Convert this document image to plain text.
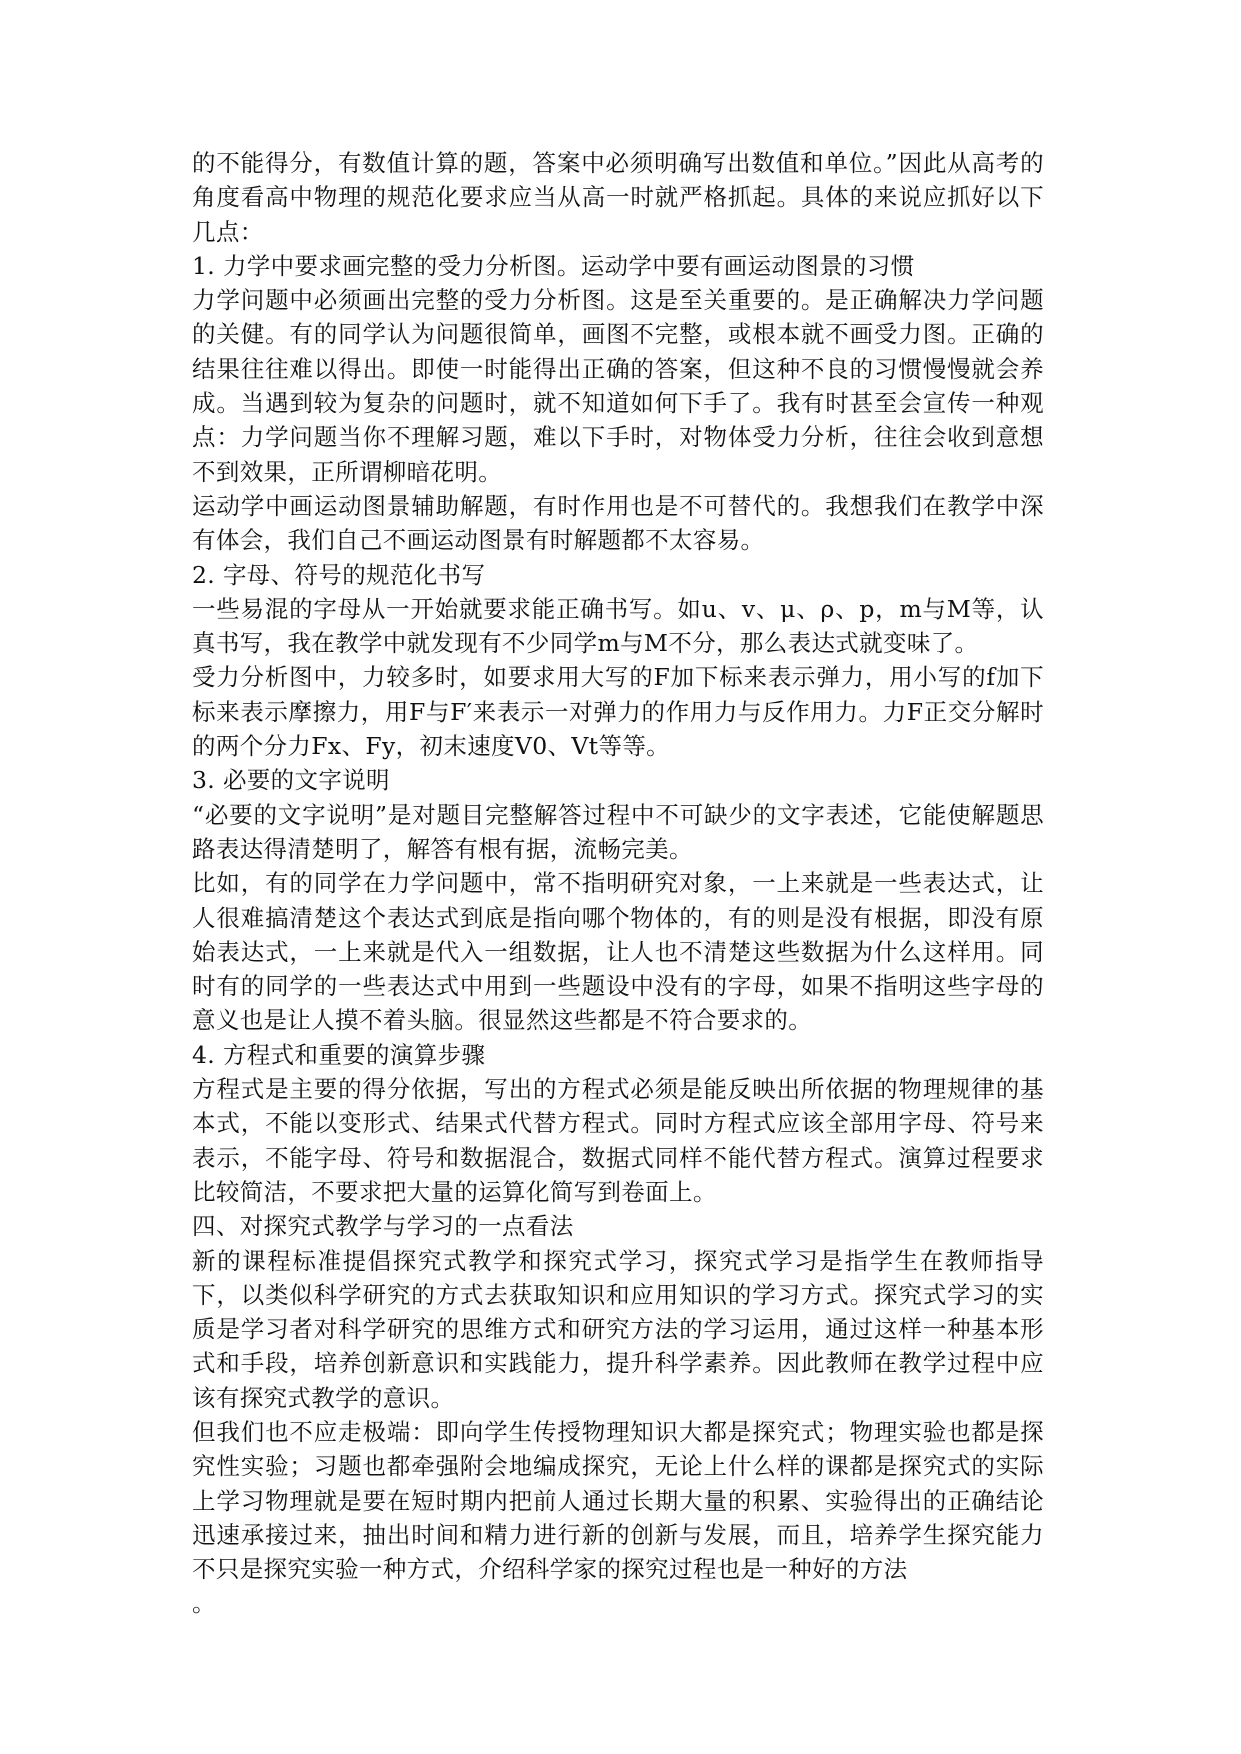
的不能得分，有数值计算的题，答案中必须明确写出数值和单位。”因此从高考的角度看高中物理的规范化要求应当从高一时就严格抓起。具体的来说应抓好以下几点：

1. 力学中要求画完整的受力分析图。运动学中要有画运动图景的习惯

力学问题中必须画出完整的受力分析图。这是至关重要的。是正确解决力学问题的关健。有的同学认为问题很简单，画图不完整，或根本就不画受力图。正确的结果往往难以得出。即使一时能得出正确的答案，但这种不良的习惯慢慢就会养成。当遇到较为复杂的问题时，就不知道如何下手了。我有时甚至会宣传一种观点：力学问题当你不理解习题，难以下手时，对物体受力分析，往往会收到意想不到效果，正所谓柳暗花明。

运动学中画运动图景辅助解题，有时作用也是不可替代的。我想我们在教学中深有体会，我们自己不画运动图景有时解题都不太容易。

2. 字母、符号的规范化书写

一些易混的字母从一开始就要求能正确书写。如u、v、μ、ρ、p，m与M等，认真书写，我在教学中就发现有不少同学m与M不分，那么表达式就变味了。

受力分析图中，力较多时，如要求用大写的F加下标来表示弹力，用小写的f加下标来表示摩擦力，用F与F′来表示一对弹力的作用力与反作用力。力F正交分解时的两个分力Fx、Fy，初末速度V0、Vt等等。

3. 必要的文字说明

“必要的文字说明”是对题目完整解答过程中不可缺少的文字表述，它能使解题思路表达得清楚明了，解答有根有据，流畅完美。

比如，有的同学在力学问题中，常不指明研究对象，一上来就是一些表达式，让人很难搞清楚这个表达式到底是指向哪个物体的，有的则是没有根据，即没有原始表达式，一上来就是代入一组数据，让人也不清楚这些数据为什么这样用。同时有的同学的一些表达式中用到一些题设中没有的字母，如果不指明这些字母的意义也是让人摸不着头脑。很显然这些都是不符合要求的。

4. 方程式和重要的演算步骤

方程式是主要的得分依据，写出的方程式必须是能反映出所依据的物理规律的基本式，不能以变形式、结果式代替方程式。同时方程式应该全部用字母、符号来表示，不能字母、符号和数据混合，数据式同样不能代替方程式。演算过程要求比较简洁，不要求把大量的运算化简写到卷面上。

四、对探究式教学与学习的一点看法

新的课程标准提倡探究式教学和探究式学习，探究式学习是指学生在教师指导下，以类似科学研究的方式去获取知识和应用知识的学习方式。探究式学习的实质是学习者对科学研究的思维方式和研究方法的学习运用，通过这样一种基本形式和手段，培养创新意识和实践能力，提升科学素养。因此教师在教学过程中应该有探究式教学的意识。

但我们也不应走极端：即向学生传授物理知识大都是探究式；物理实验也都是探究性实验；习题也都牵强附会地编成探究，无论上什么样的课都是探究式的实际上学习物理就是要在短时期内把前人通过长期大量的积累、实验得出的正确结论迅速承接过来，抽出时间和精力进行新的创新与发展，而且，培养学生探究能力不只是探究实验一种方式，介绍科学家的探究过程也是一种好的方法

。
